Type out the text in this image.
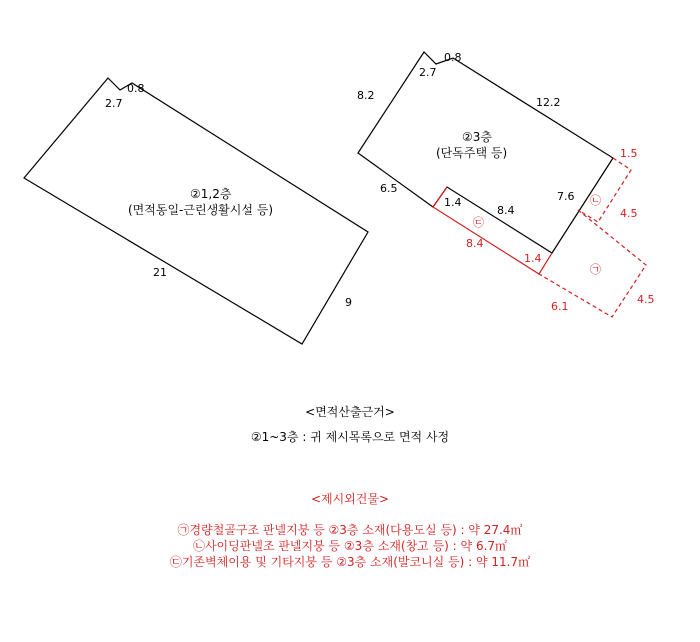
0.8
2.7
21
9
②1,2층
(면적동일-근린생활시설 등)
0.8
2.7
8.2
12.2
6.5
1.4
8.4
7.6
②3층
(단독주택 등)
㉢
8.4
1.4
㉡
1.5
4.5
㉠
4.5
6.1
<면적산출근거>
②1~3층 : 귀 제시목록으로 면적 사정
<제시외건물>
㉠경량철골구조 판넬지붕 등 ②3층 소재(다용도실 등) : 약 27.4㎡
㉡사이딩판넬조 판넬지붕 등 ②3층 소재(창고 등) : 약 6.7㎡
㉢기존벽체이용 및 기타지붕 등 ②3층 소재(발코니실 등) : 약 11.7㎡
